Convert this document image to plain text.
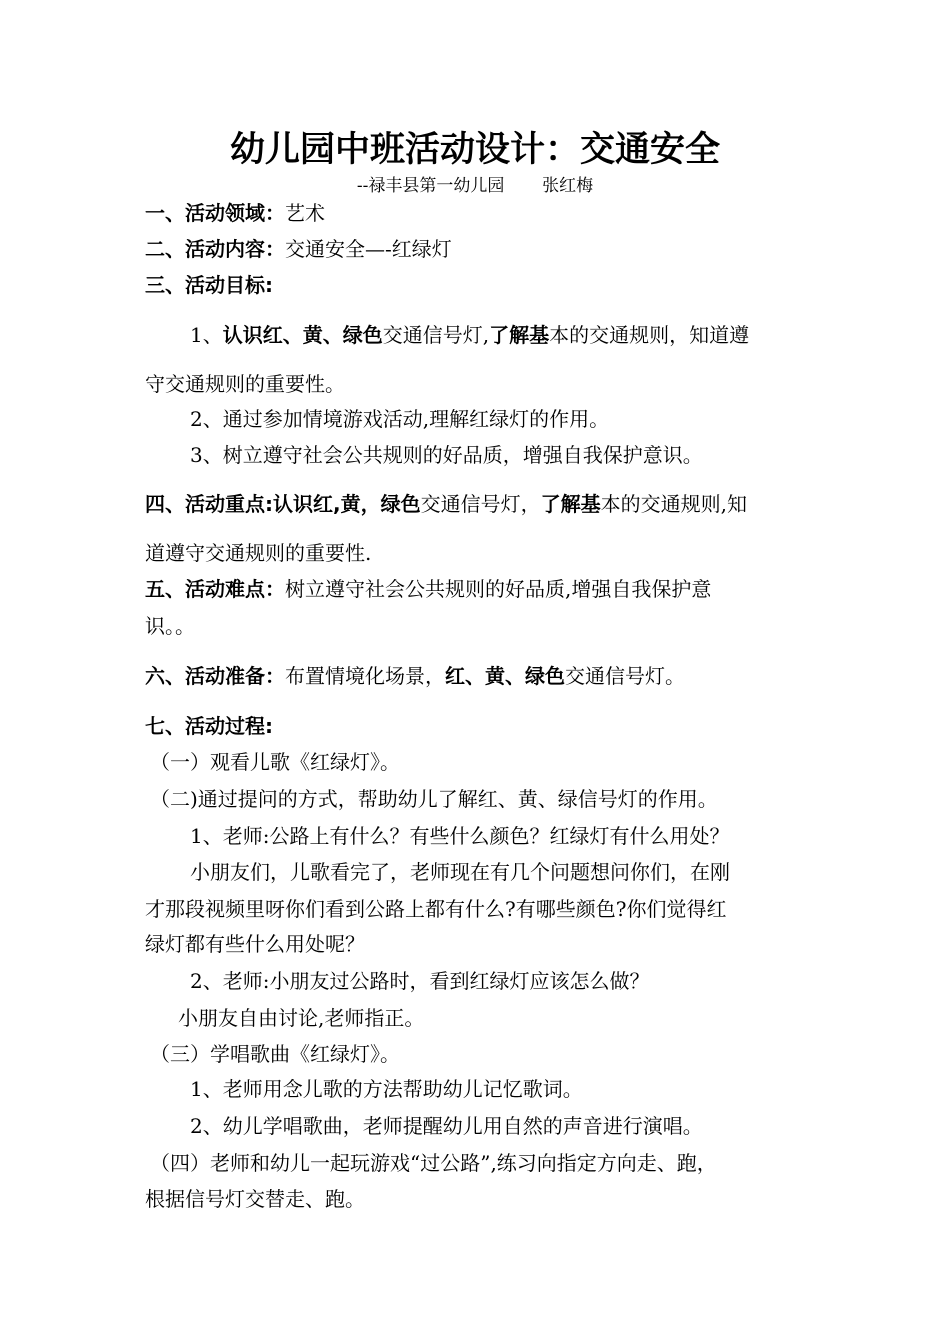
幼儿园中班活动设计：交通安全
--禄丰县第一幼儿园 张红梅
一、活动领域：艺术
二、活动内容：交通安全—-红绿灯
三、活动目标:
1、认识红、黄、绿色交通信号灯,了解基本的交通规则，知道遵
守交通规则的重要性。
2、通过参加情境游戏活动,理解红绿灯的作用。
3、树立遵守社会公共规则的好品质，增强自我保护意识。
四、活动重点:认识红,黄，绿色交通信号灯，了解基本的交通规则,知
道遵守交通规则的重要性.
五、活动难点：树立遵守社会公共规则的好品质,增强自我保护意
识。。
六、活动准备：布置情境化场景，红、黄、绿色交通信号灯。
七、活动过程:
（一）观看儿歌《红绿灯》。
（二)通过提问的方式，帮助幼儿了解红、黄、绿信号灯的作用。
1、老师:公路上有什么？有些什么颜色？红绿灯有什么用处？
小朋友们，儿歌看完了，老师现在有几个问题想问你们，在刚
才那段视频里呀你们看到公路上都有什么?有哪些颜色?你们觉得红
绿灯都有些什么用处呢？
2、老师:小朋友过公路时，看到红绿灯应该怎么做？
小朋友自由讨论,老师指正。
（三）学唱歌曲《红绿灯》。
1、老师用念儿歌的方法帮助幼儿记忆歌词。
2、幼儿学唱歌曲，老师提醒幼儿用自然的声音进行演唱。
（四）老师和幼儿一起玩游戏“过公路”,练习向指定方向走、跑，
根据信号灯交替走、跑。
